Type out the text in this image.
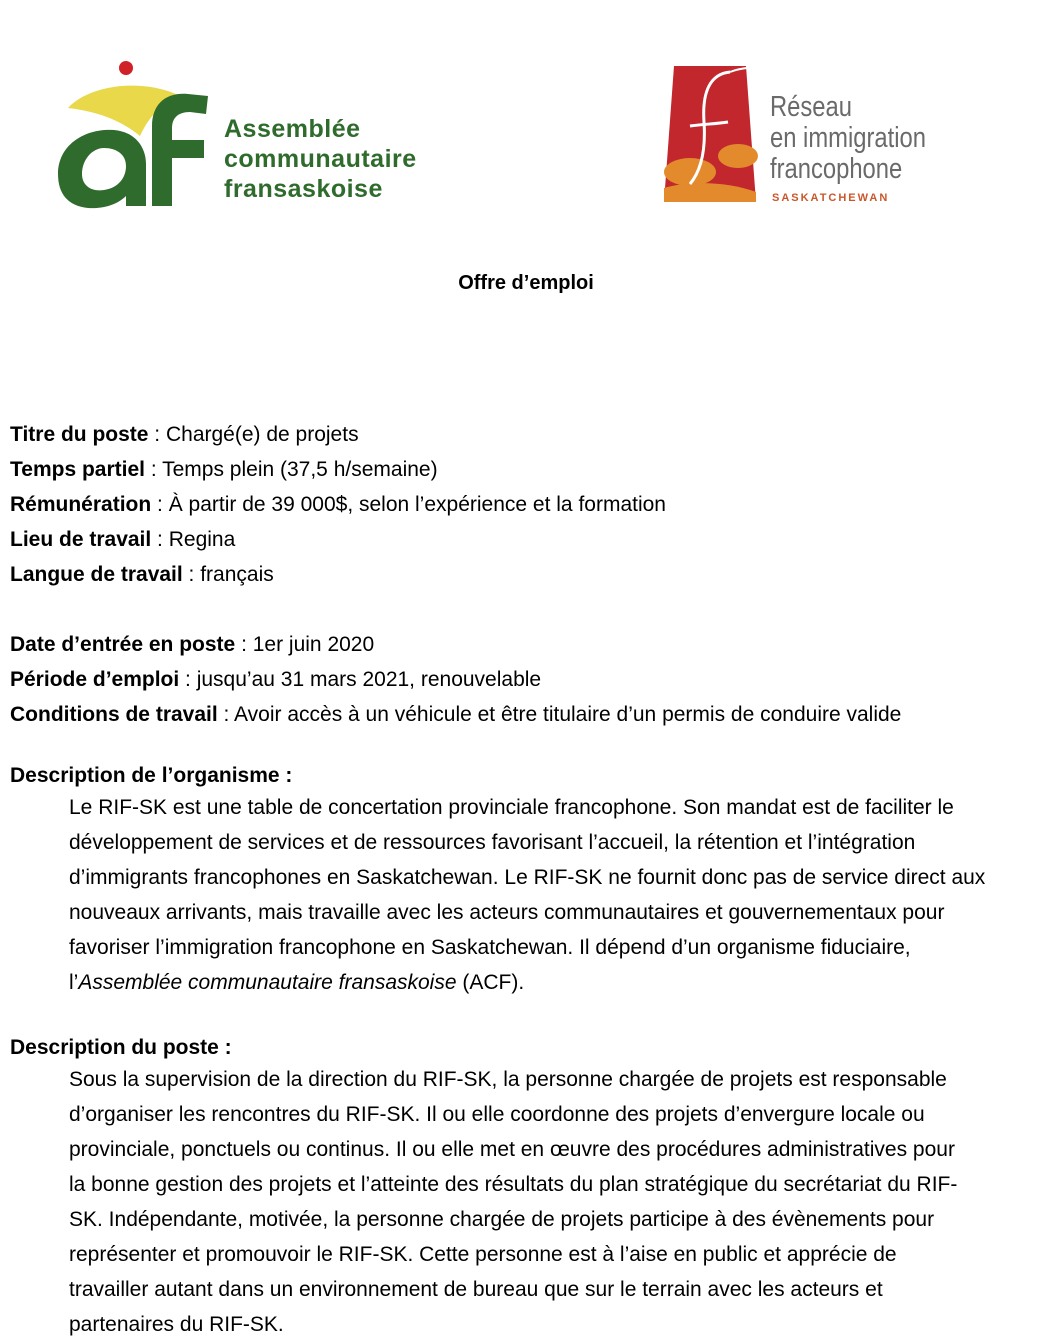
Assemblée
communautaire
fransaskoise
Réseau
en immigration
francophone
SASKATCHEWAN
Offre d’emploi
Titre du poste : Chargé(e) de projets
Temps partiel : Temps plein (37,5 h/semaine)
Rémunération : À partir de 39 000$, selon l’expérience et la formation
Lieu de travail : Regina
Langue de travail : français
Date d’entrée en poste : 1er juin 2020
Période d’emploi : jusqu’au 31 mars 2021, renouvelable
Conditions de travail : Avoir accès à un véhicule et être titulaire d’un permis de conduire valide
Description de l’organisme :
Le RIF-SK est une table de concertation provinciale francophone. Son mandat est de faciliter le
développement de services et de ressources favorisant l’accueil, la rétention et l’intégration
d’immigrants francophones en Saskatchewan. Le RIF-SK ne fournit donc pas de service direct aux
nouveaux arrivants, mais travaille avec les acteurs communautaires et gouvernementaux pour
favoriser l’immigration francophone en Saskatchewan. Il dépend d’un organisme fiduciaire,
l’Assemblée communautaire fransaskoise (ACF).
Description du poste :
Sous la supervision de la direction du RIF-SK, la personne chargée de projets est responsable
d’organiser les rencontres du RIF-SK. Il ou elle coordonne des projets d’envergure locale ou
provinciale, ponctuels ou continus. Il ou elle met en œuvre des procédures administratives pour
la bonne gestion des projets et l’atteinte des résultats du plan stratégique du secrétariat du RIF-
SK. Indépendante, motivée, la personne chargée de projets participe à des évènements pour
représenter et promouvoir le RIF-SK. Cette personne est à l’aise en public et apprécie de
travailler autant dans un environnement de bureau que sur le terrain avec les acteurs et
partenaires du RIF-SK.
